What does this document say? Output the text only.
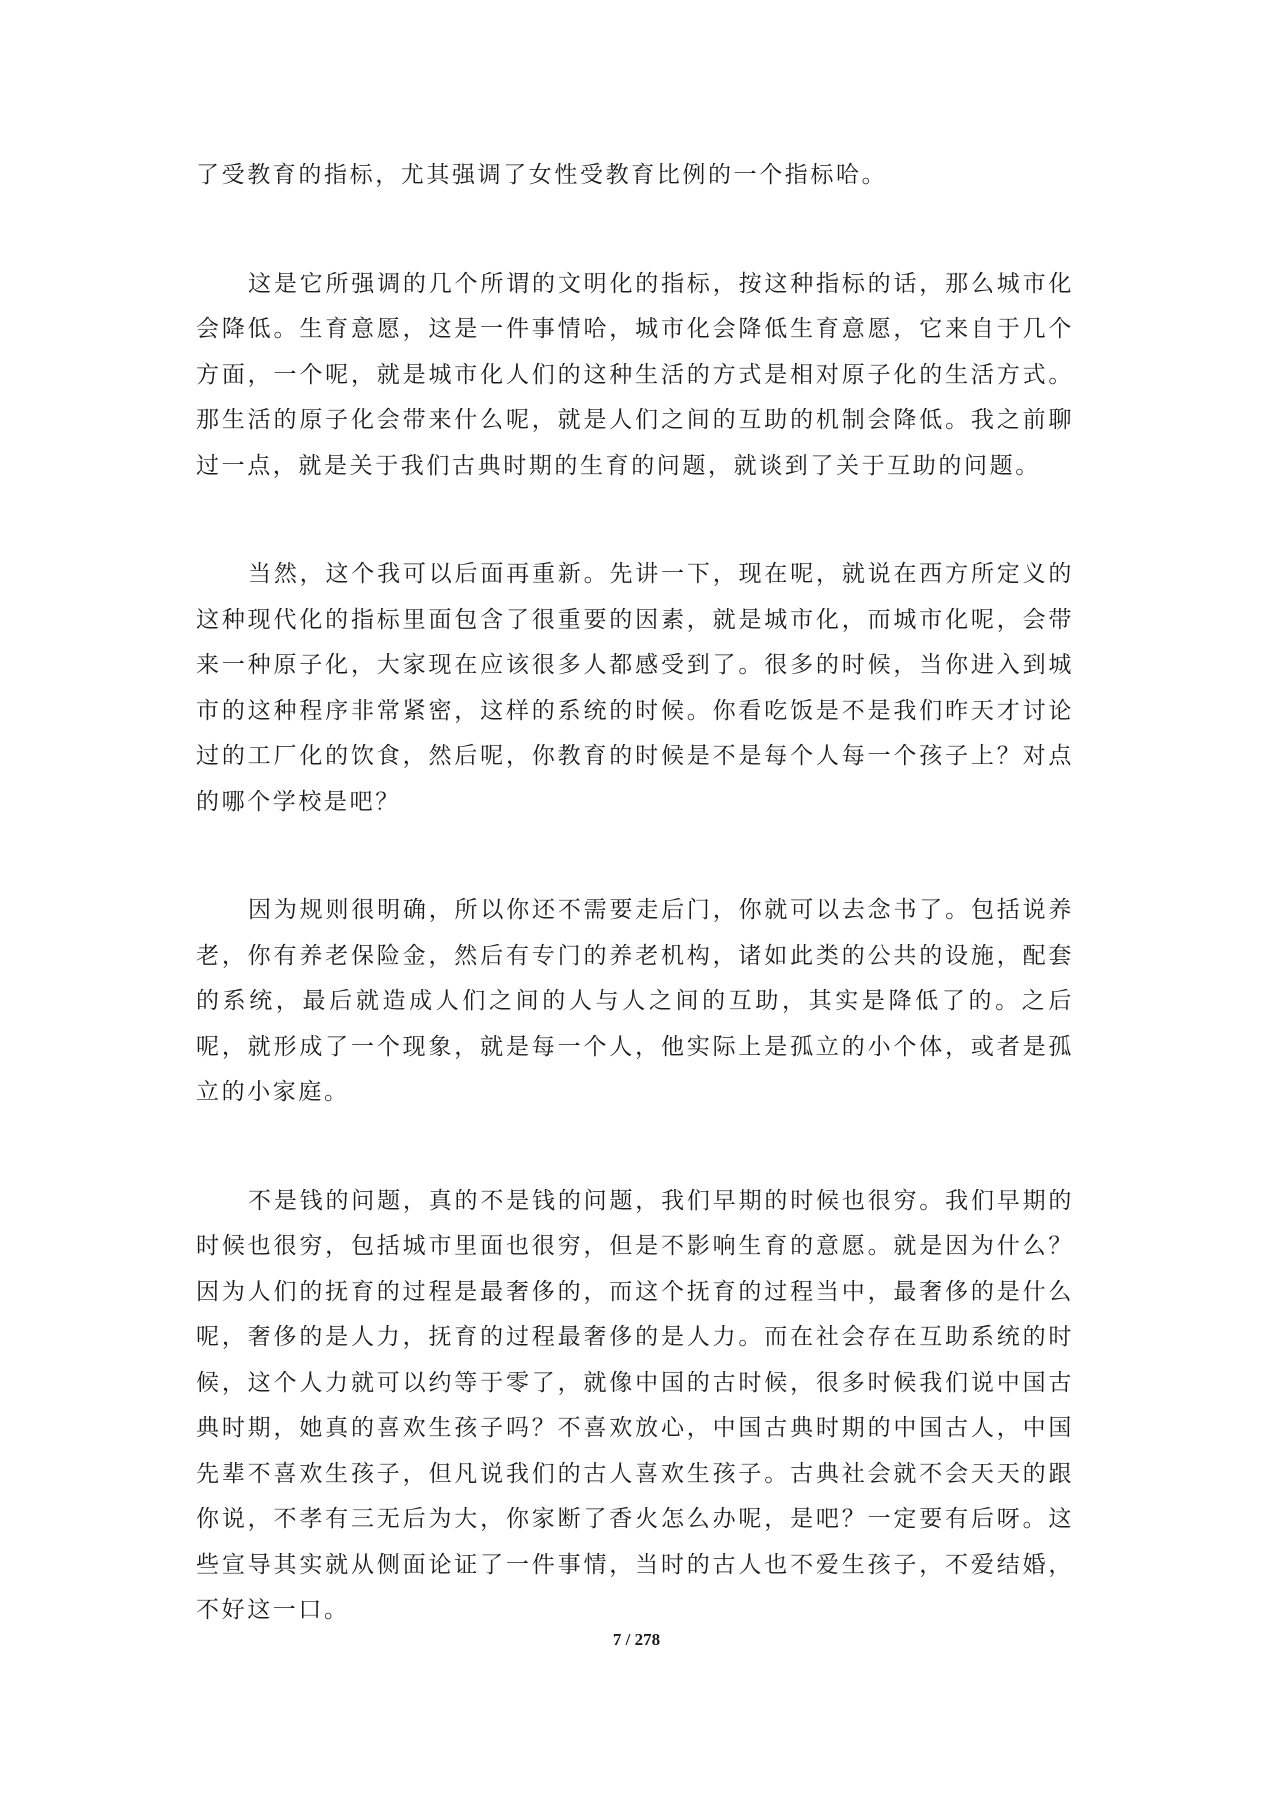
了受教育的指标，尤其强调了女性受教育比例的一个指标哈。

这是它所强调的几个所谓的文明化的指标，按这种指标的话，那么城市化会降低。生育意愿，这是一件事情哈，城市化会降低生育意愿，它来自于几个方面，一个呢，就是城市化人们的这种生活的方式是相对原子化的生活方式。那生活的原子化会带来什么呢，就是人们之间的互助的机制会降低。我之前聊过一点，就是关于我们古典时期的生育的问题，就谈到了关于互助的问题。

当然，这个我可以后面再重新。先讲一下，现在呢，就说在西方所定义的这种现代化的指标里面包含了很重要的因素，就是城市化，而城市化呢，会带来一种原子化，大家现在应该很多人都感受到了。很多的时候，当你进入到城市的这种程序非常紧密，这样的系统的时候。你看吃饭是不是我们昨天才讨论过的工厂化的饮食，然后呢，你教育的时候是不是每个人每一个孩子上？对点的哪个学校是吧？

因为规则很明确，所以你还不需要走后门，你就可以去念书了。包括说养老，你有养老保险金，然后有专门的养老机构，诸如此类的公共的设施，配套的系统，最后就造成人们之间的人与人之间的互助，其实是降低了的。之后呢，就形成了一个现象，就是每一个人，他实际上是孤立的小个体，或者是孤立的小家庭。

不是钱的问题，真的不是钱的问题，我们早期的时候也很穷。我们早期的时候也很穷，包括城市里面也很穷，但是不影响生育的意愿。就是因为什么？因为人们的抚育的过程是最奢侈的，而这个抚育的过程当中，最奢侈的是什么呢，奢侈的是人力，抚育的过程最奢侈的是人力。而在社会存在互助系统的时候，这个人力就可以约等于零了，就像中国的古时候，很多时候我们说中国古典时期，她真的喜欢生孩子吗？不喜欢放心，中国古典时期的中国古人，中国先辈不喜欢生孩子，但凡说我们的古人喜欢生孩子。古典社会就不会天天的跟你说，不孝有三无后为大，你家断了香火怎么办呢，是吧？一定要有后呀。这些宣导其实就从侧面论证了一件事情，当时的古人也不爱生孩子，不爱结婚，不好这一口。

7 / 278
